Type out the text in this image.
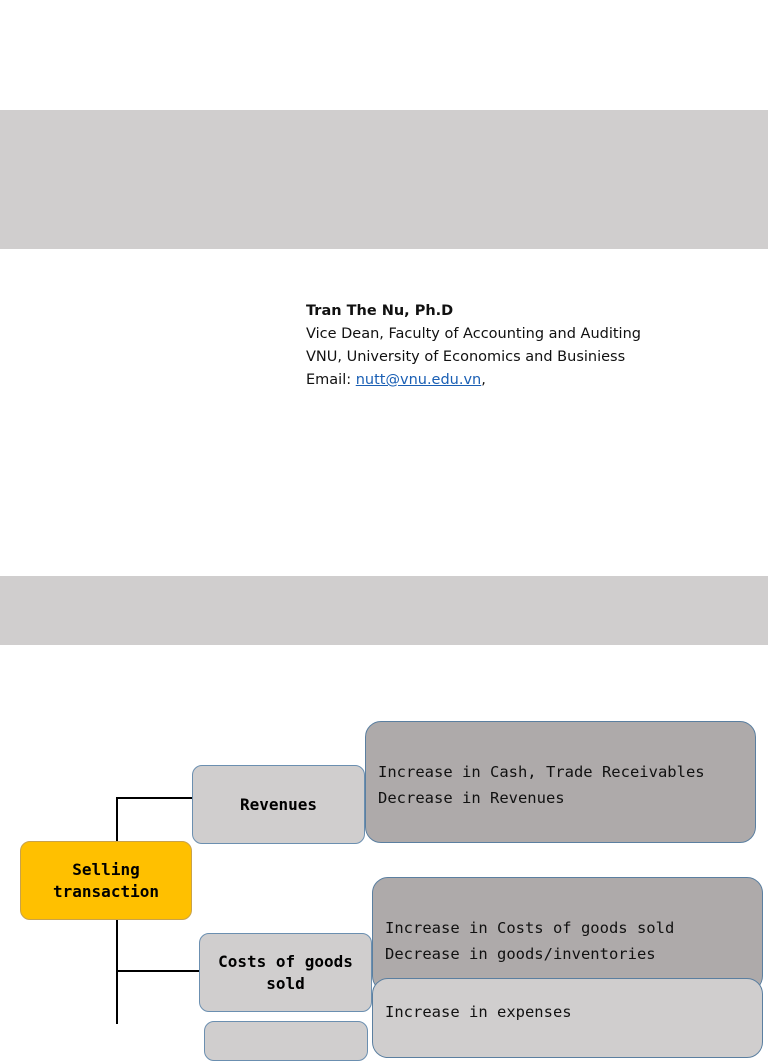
Tran The Nu, Ph.D
Vice Dean, Faculty of Accounting and Auditing
VNU, University of Economics and Businiess
Email: nutt@vnu.edu.vn,
Increase in Cash, Trade Receivables
Decrease in Revenues
Increase in Costs of goods sold
Decrease in goods/inventories
Increase in expenses
Revenues
Selling transaction
Costs of goods sold
